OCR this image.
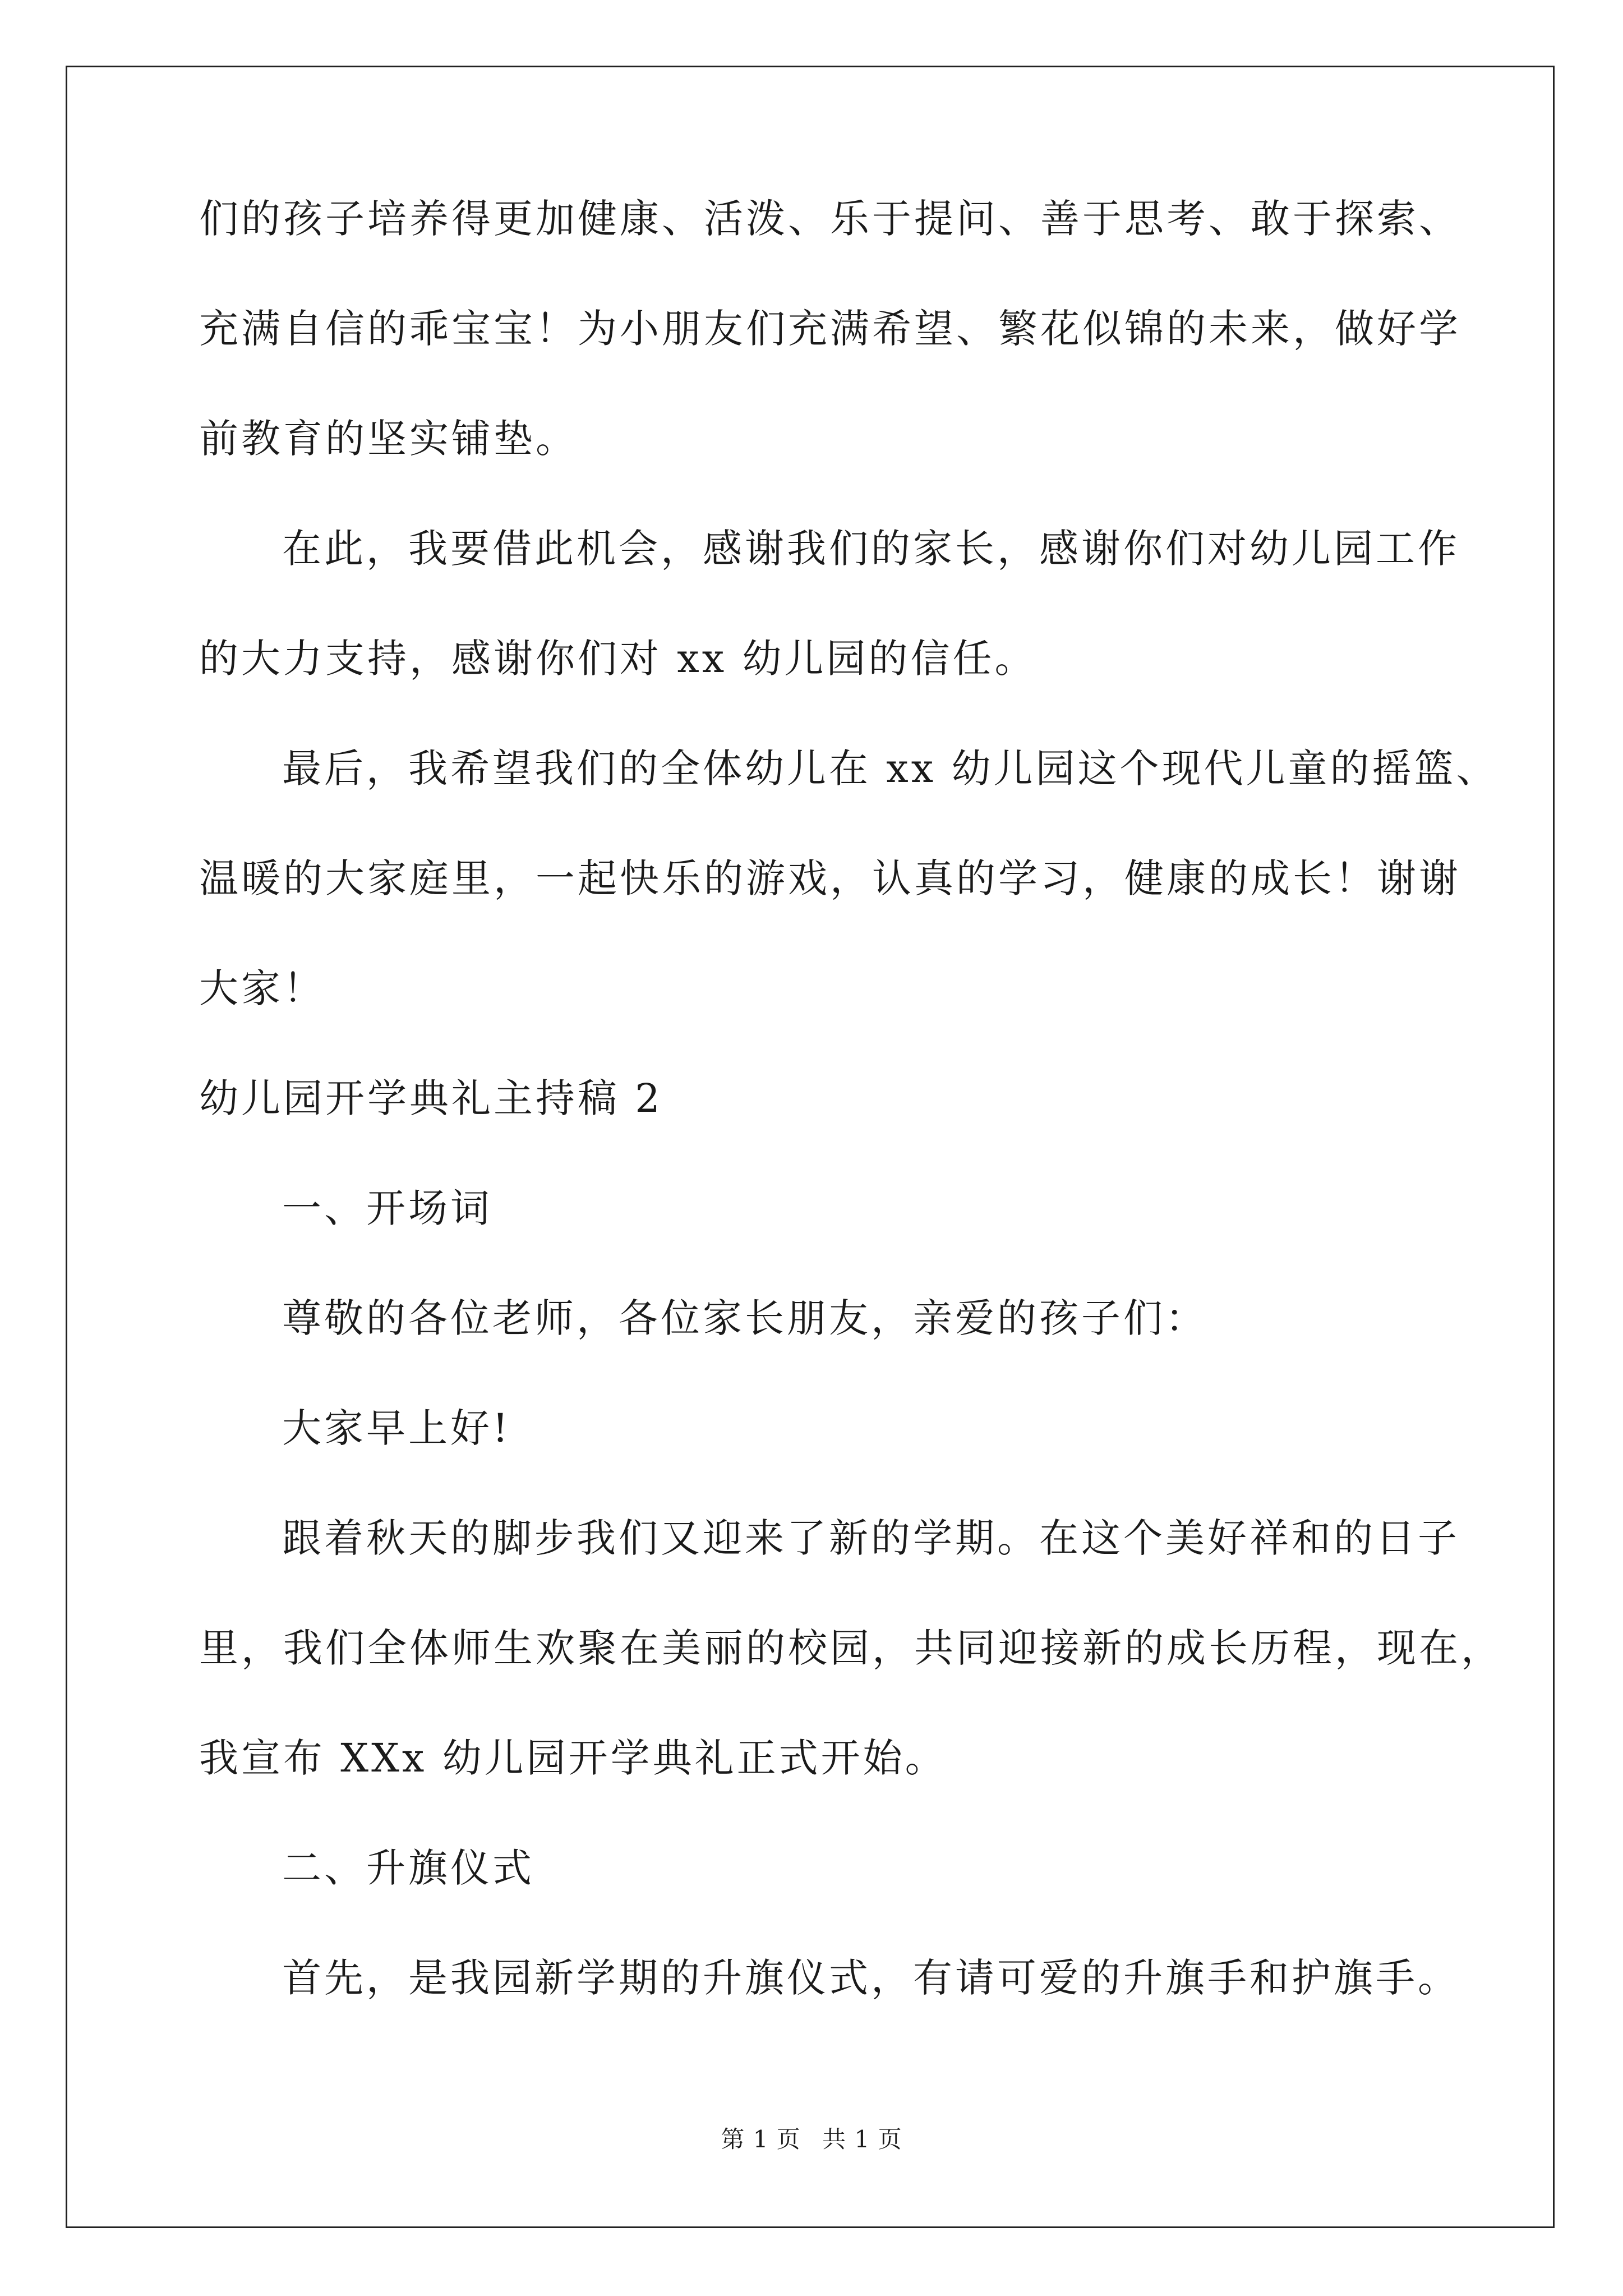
们的孩子培养得更加健康、活泼、乐于提问、善于思考、敢于探索、
充满自信的乖宝宝！为小朋友们充满希望、繁花似锦的未来，做好学
前教育的坚实铺垫。
在此，我要借此机会，感谢我们的家长，感谢你们对幼儿园工作
的大力支持，感谢你们对 xx 幼儿园的信任。
最后，我希望我们的全体幼儿在 xx 幼儿园这个现代儿童的摇篮、
温暖的大家庭里，一起快乐的游戏，认真的学习，健康的成长！谢谢
大家！
幼儿园开学典礼主持稿 2
一、开场词
尊敬的各位老师，各位家长朋友，亲爱的孩子们：
大家早上好!
跟着秋天的脚步我们又迎来了新的学期。在这个美好祥和的日子
里，我们全体师生欢聚在美丽的校园，共同迎接新的成长历程，现在，
我宣布 XXx 幼儿园开学典礼正式开始。
二、升旗仪式
首先，是我园新学期的升旗仪式，有请可爱的升旗手和护旗手。
第 1 页 共 1 页
